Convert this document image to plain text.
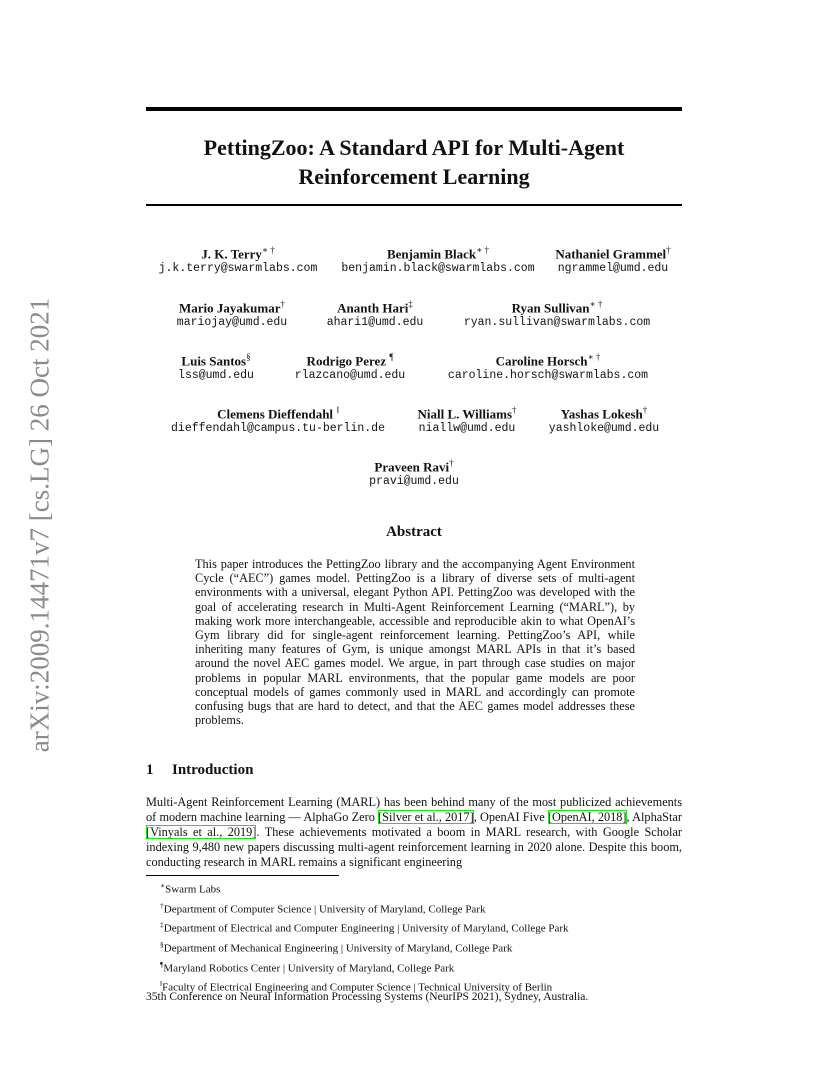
arXiv:2009.14471v7 [cs.LG] 26 Oct 2021
PettingZoo: A Standard API for Multi-Agent
Reinforcement Learning
J. K. Terry∗ †
j.k.terry@swarmlabs.com
Benjamin Black∗ †
benjamin.black@swarmlabs.com
Nathaniel Grammel†
ngrammel@umd.edu
Mario Jayakumar†
mariojay@umd.edu
Ananth Hari‡
ahari1@umd.edu
Ryan Sullivan∗ †
ryan.sullivan@swarmlabs.com
Luis Santos§
lss@umd.edu
Rodrigo Perez ¶
rlazcano@umd.edu
Caroline Horsch∗ †
caroline.horsch@swarmlabs.com
Clemens Dieffendahl ‖
dieffendahl@campus.tu-berlin.de
Niall L. Williams†
niallw@umd.edu
Yashas Lokesh†
yashloke@umd.edu
Praveen Ravi†
pravi@umd.edu
Abstract
This paper introduces the PettingZoo library and the accompanying Agent Environment Cycle (“AEC”) games model. PettingZoo is a library of diverse sets of multi-agent environments with a universal, elegant Python API. PettingZoo was developed with the goal of accelerating research in Multi-Agent Reinforcement Learning (“MARL”), by making work more interchangeable, accessible and reproducible akin to what OpenAI’s Gym library did for single-agent reinforcement learning. PettingZoo’s API, while inheriting many features of Gym, is unique amongst MARL APIs in that it’s based around the novel AEC games model. We argue, in part through case studies on major problems in popular MARL environments, that the popular game models are poor conceptual models of games commonly used in MARL and accordingly can promote confusing bugs that are hard to detect, and that the AEC games model addresses these problems.
1 Introduction
Multi-Agent Reinforcement Learning (MARL) has been behind many of the most publicized achievements of modern machine learning — AlphaGo Zero [Silver et al., 2017], OpenAI Five [OpenAI, 2018], AlphaStar [Vinyals et al., 2019]. These achievements motivated a boom in MARL research, with Google Scholar indexing 9,480 new papers discussing multi-agent reinforcement learning in 2020 alone. Despite this boom, conducting research in MARL remains a significant engineering
∗Swarm Labs
†Department of Computer Science | University of Maryland, College Park
‡Department of Electrical and Computer Engineering | University of Maryland, College Park
§Department of Mechanical Engineering | University of Maryland, College Park
¶Maryland Robotics Center | University of Maryland, College Park
‖Faculty of Electrical Engineering and Computer Science | Technical University of Berlin
35th Conference on Neural Information Processing Systems (NeurIPS 2021), Sydney, Australia.
